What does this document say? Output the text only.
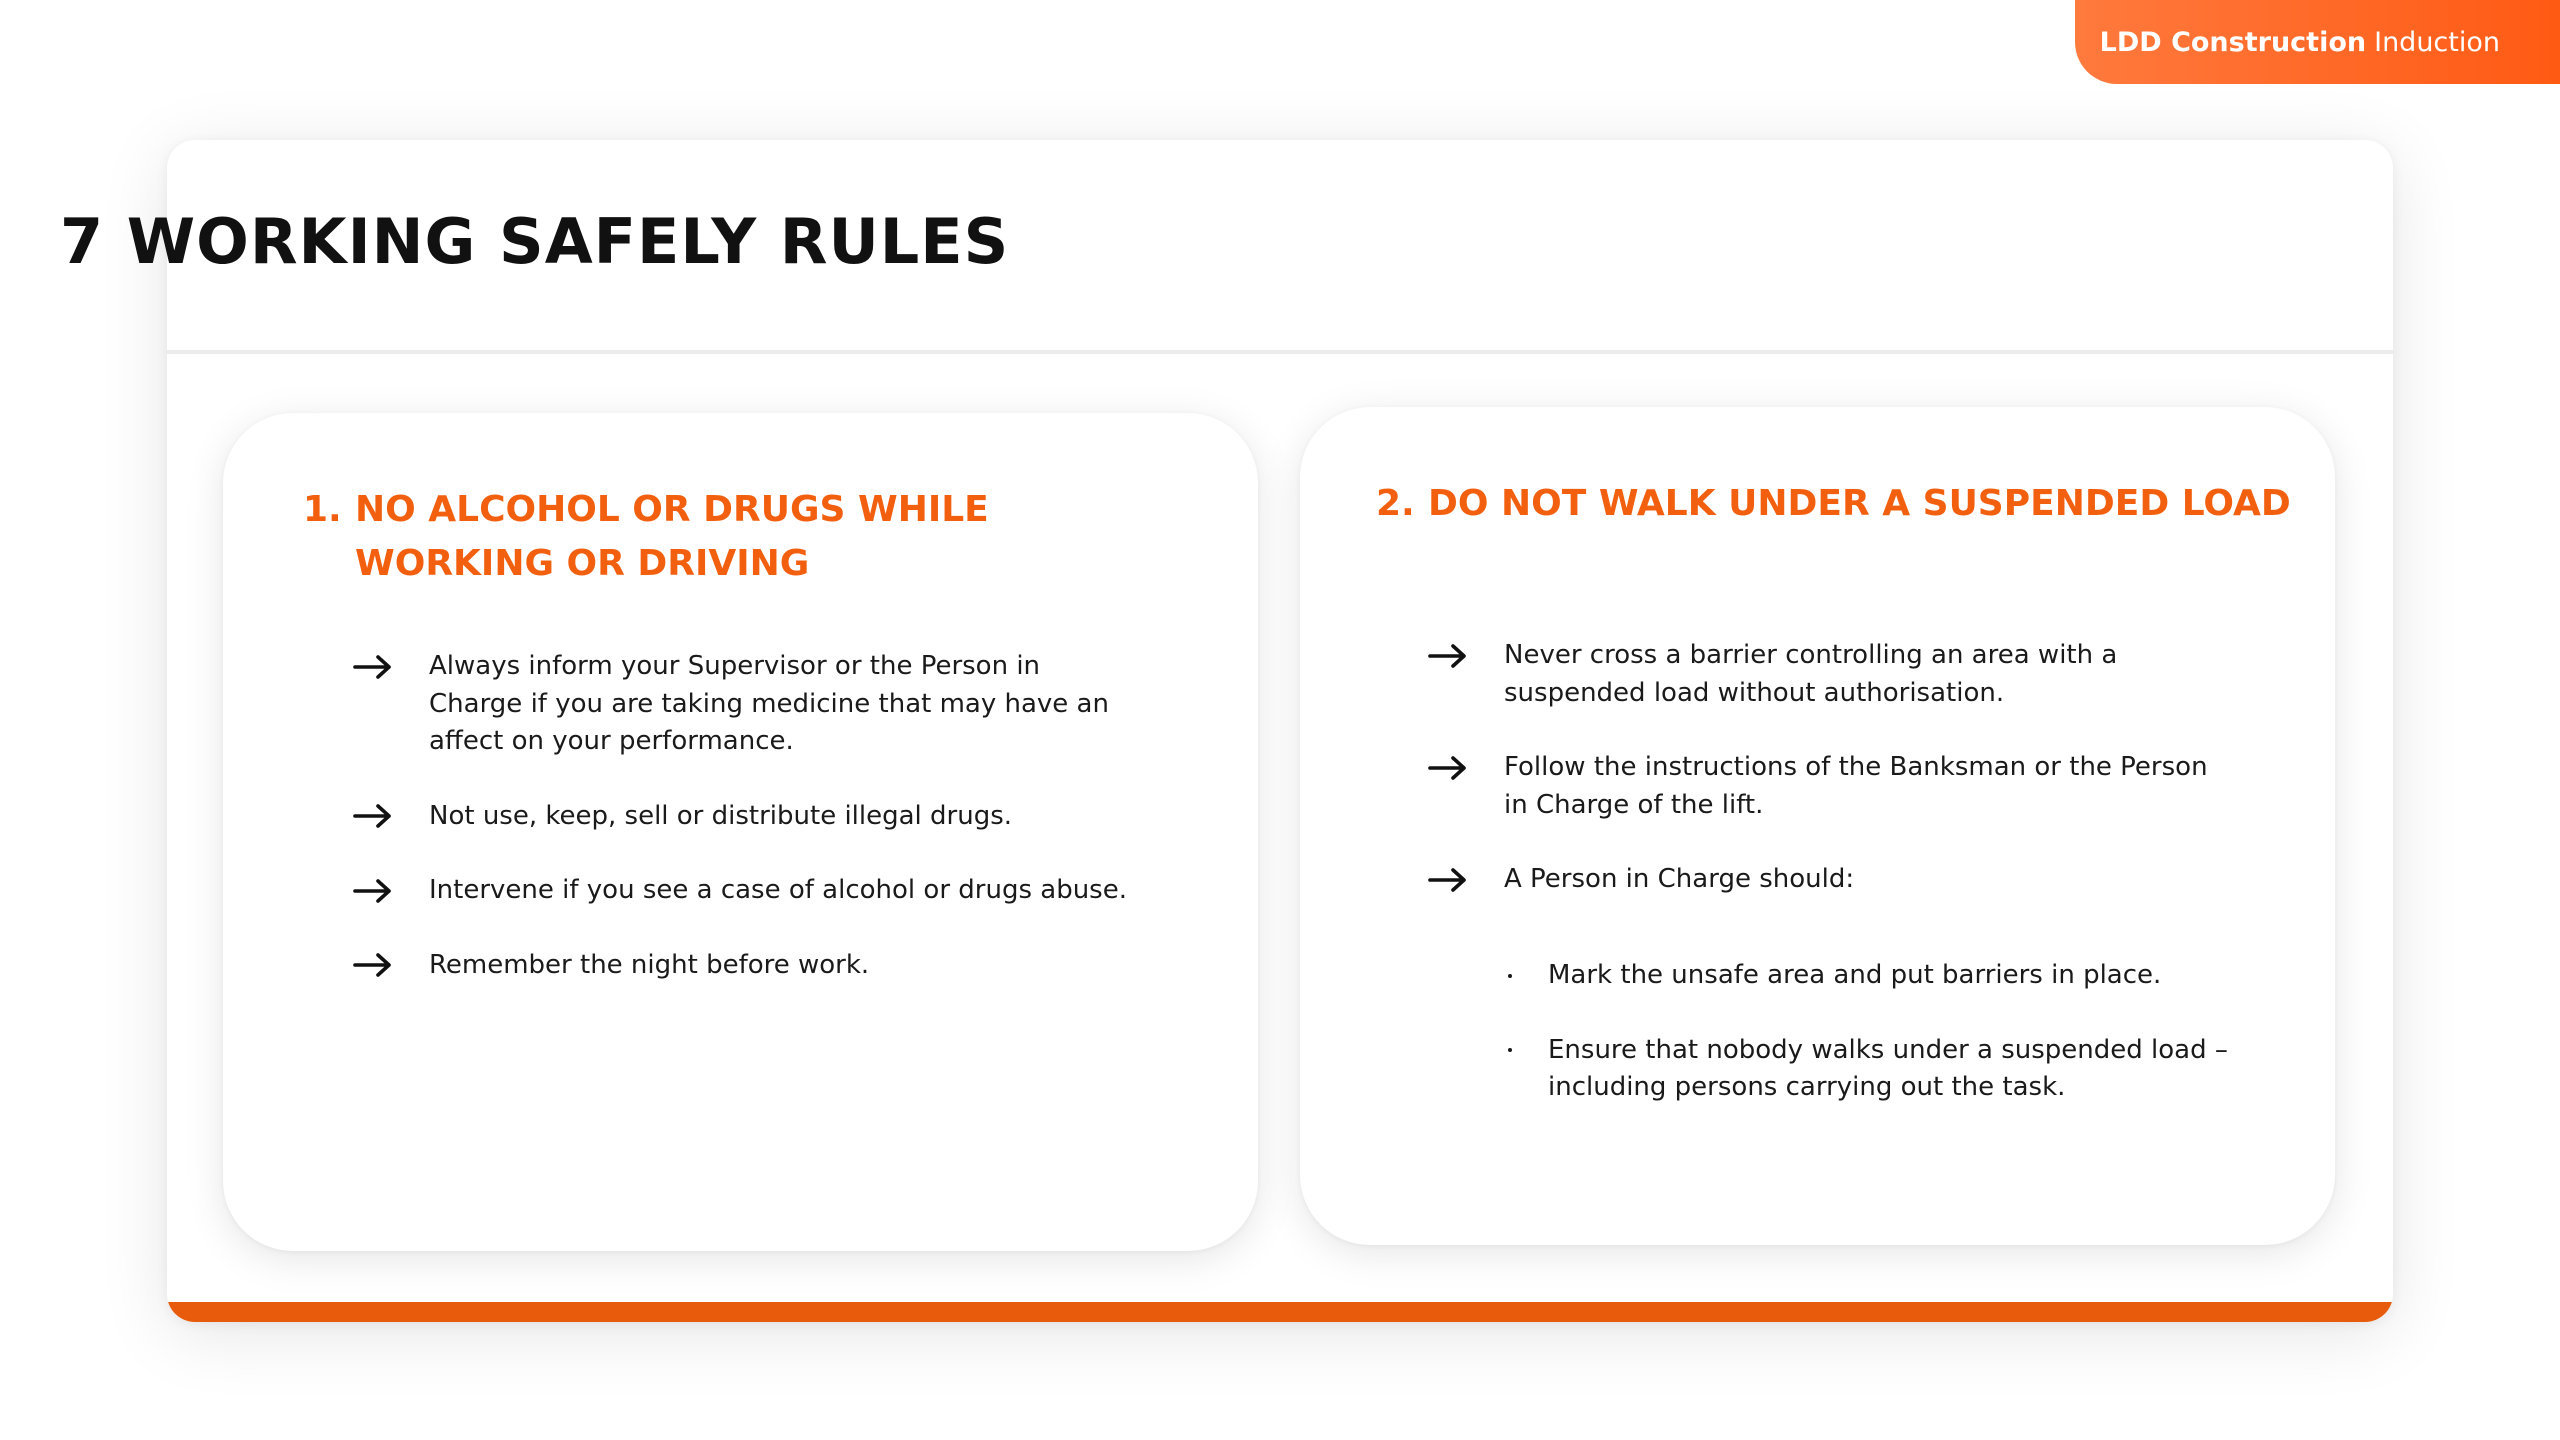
LDD Construction Induction
7 WORKING SAFELY RULES
1. NO ALCOHOL OR DRUGS WHILE WORKING OR DRIVING
Always inform your Supervisor or the Person in Charge if you are taking medicine that may have an affect on your performance.
Not use, keep, sell or distribute illegal drugs.
Intervene if you see a case of alcohol or drugs abuse.
Remember the night before work.
2. DO NOT WALK UNDER A SUSPENDED LOAD
Never cross a barrier controlling an area with a suspended load without authorisation.
Follow the instructions of the Banksman or the Person in Charge of the lift.
A Person in Charge should:
Mark the unsafe area and put barriers in place.
Ensure that nobody walks under a suspended load – including persons carrying out the task.
